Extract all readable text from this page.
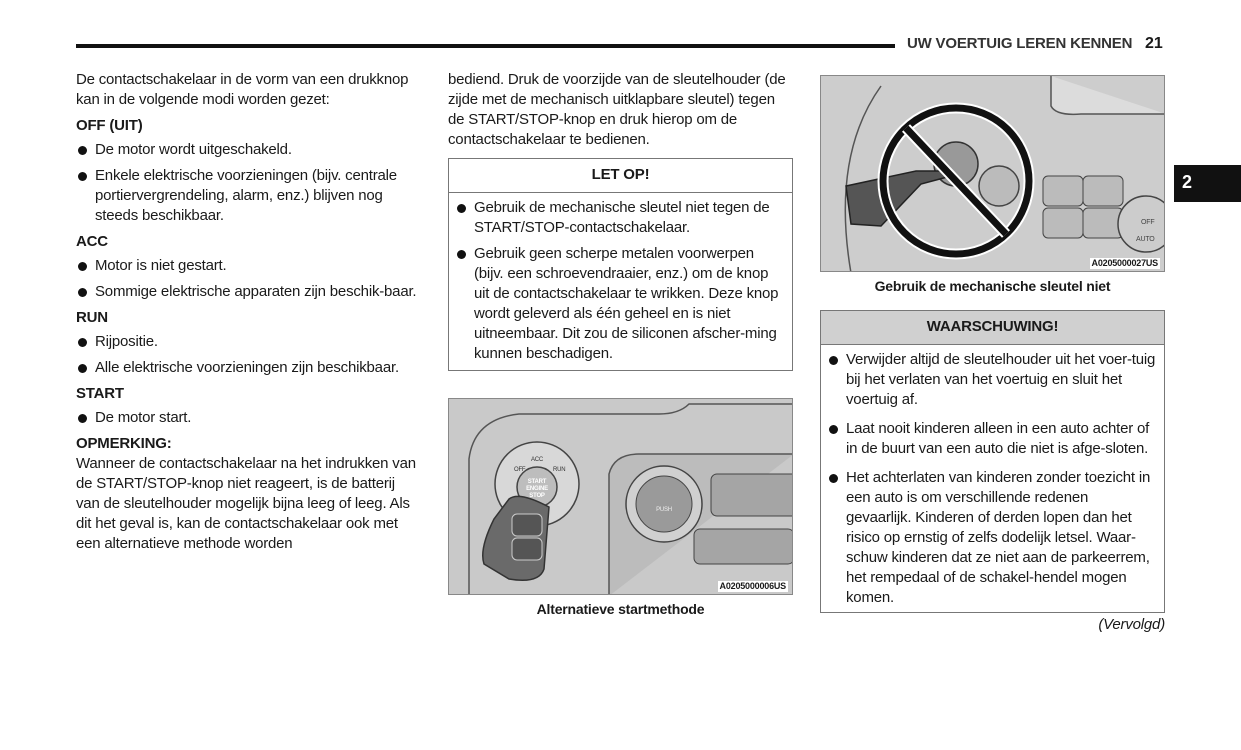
UW VOERTUIG LEREN KENNEN 21
2

De contactschakelaar in de vorm van een drukknop kan in de volgende modi worden gezet:

OFF (UIT)
De motor wordt uitgeschakeld.
Enkele elektrische voorzieningen (bijv. centrale portiervergrendeling, alarm, enz.) blijven nog steeds beschikbaar.
ACC
Motor is niet gestart.
Sommige elektrische apparaten zijn beschik-baar.
RUN
Rijpositie.
Alle elektrische voorzieningen zijn beschikbaar.
START
De motor start.
OPMERKING:

Wanneer de contactschakelaar na het indrukken van de START/STOP-knop niet reageert, is de batterij van de sleutelhouder mogelijk bijna leeg of leeg. Als dit het geval is, kan de contactschakelaar ook met een alternatieve methode worden

bediend. Druk de voorzijde van de sleutelhouder (de zijde met de mechanisch uitklapbare sleutel) tegen de START/STOP-knop en druk hierop om de contactschakelaar te bedienen.

LET OP!
Gebruik de mechanische sleutel niet tegen de START/STOP-contactschakelaar.
Gebruik geen scherpe metalen voorwerpen (bijv. een schroevendraaier, enz.) om de knop uit de contactschakelaar te wrikken. Deze knop wordt geleverd als één geheel en is niet uitneembaar. Dit zou de siliconen afscher-ming kunnen beschadigen.
ACC
OFF	RUN
START
ENGINE
STOP
PUSH
A0205000006US
Alternatieve startmethode
OFF
AUTO
A0205000027US
Gebruik de mechanische sleutel niet
WAARSCHUWING!
Verwijder altijd de sleutelhouder uit het voer-tuig bij het verlaten van het voertuig en sluit het voertuig af.
Laat nooit kinderen alleen in een auto achter of in de buurt van een auto die niet is afge-sloten.
Het achterlaten van kinderen zonder toezicht in een auto is om verschillende redenen gevaarlijk. Kinderen of derden lopen dan het risico op ernstig of zelfs dodelijk letsel. Waar-schuw kinderen dat ze niet aan de parkeerrem, het rempedaal of de schakel-hendel mogen komen.
(Vervolgd)
